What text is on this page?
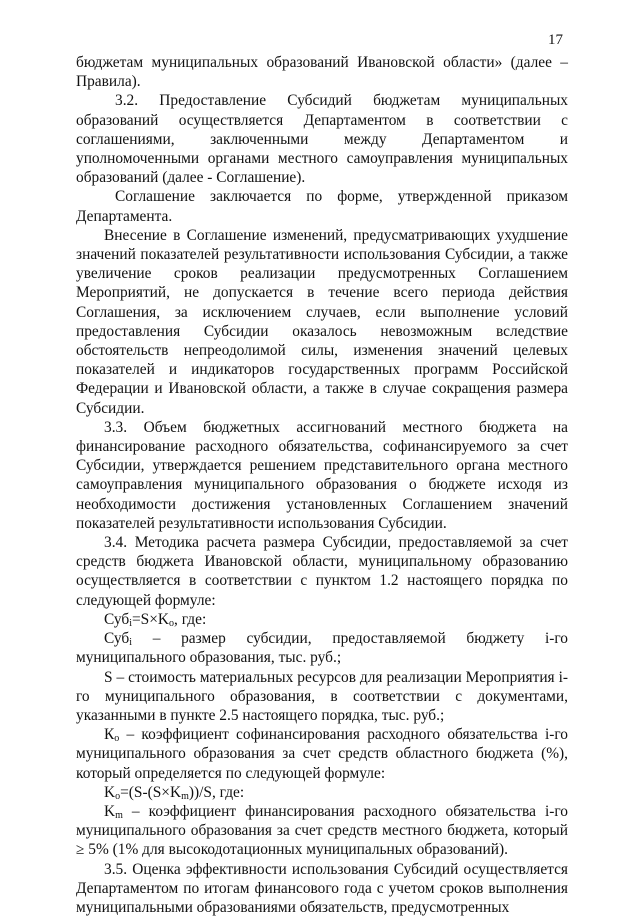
17

бюджетам муниципальных образований Ивановской области» (далее – Правила).

3.2. Предоставление Субсидий бюджетам муниципальных образований осуществляется Департаментом в соответствии с соглашениями, заключенными между Департаментом и уполномоченными органами местного самоуправления муниципальных образований (далее - Соглашение).

Соглашение заключается по форме, утвержденной приказом Департамента.

Внесение в Соглашение изменений, предусматривающих ухудшение значений показателей результативности использования Субсидии, а также увеличение сроков реализации предусмотренных Соглашением Мероприятий, не допускается в течение всего периода действия Соглашения, за исключением случаев, если выполнение условий предоставления Субсидии оказалось невозможным вследствие обстоятельств непреодолимой силы, изменения значений целевых показателей и индикаторов государственных программ Российской Федерации и Ивановской области, а также в случае сокращения размера Субсидии.

3.3. Объем бюджетных ассигнований местного бюджета на финансирование расходного обязательства, софинансируемого за счет Субсидии, утверждается решением представительного органа местного самоуправления муниципального образования о бюджете исходя из необходимости достижения установленных Соглашением значений показателей результативности использования Субсидии.

3.4. Методика расчета размера Субсидии, предоставляемой за счет средств бюджета Ивановской области, муниципальному образованию осуществляется в соответствии с пунктом 1.2 настоящего порядка по следующей формуле:

$Суб_i=S\times K_o$, где:

Суб$_i$ – размер субсидии, предоставляемой бюджету i-го муниципального образования, тыс. руб.;

S – стоимость материальных ресурсов для реализации Мероприятия i-го муниципального образования, в соответствии с документами, указанными в пункте 2.5 настоящего порядка, тыс. руб.;

$К_о$ – коэффициент софинансирования расходного обязательства i-го муниципального образования за счет средств областного бюджета (%), который определяется по следующей формуле:

$K_o=(S-(S\times K_m))/S$, где:

$K_m$ – коэффициент финансирования расходного обязательства i-го муниципального образования за счет средств местного бюджета, который ≥ 5% (1% для высокодотационных муниципальных образований).

3.5. Оценка эффективности использования Субсидий осуществляется Департаментом по итогам финансового года с учетом сроков выполнения муниципальными образованиями обязательств, предусмотренных
